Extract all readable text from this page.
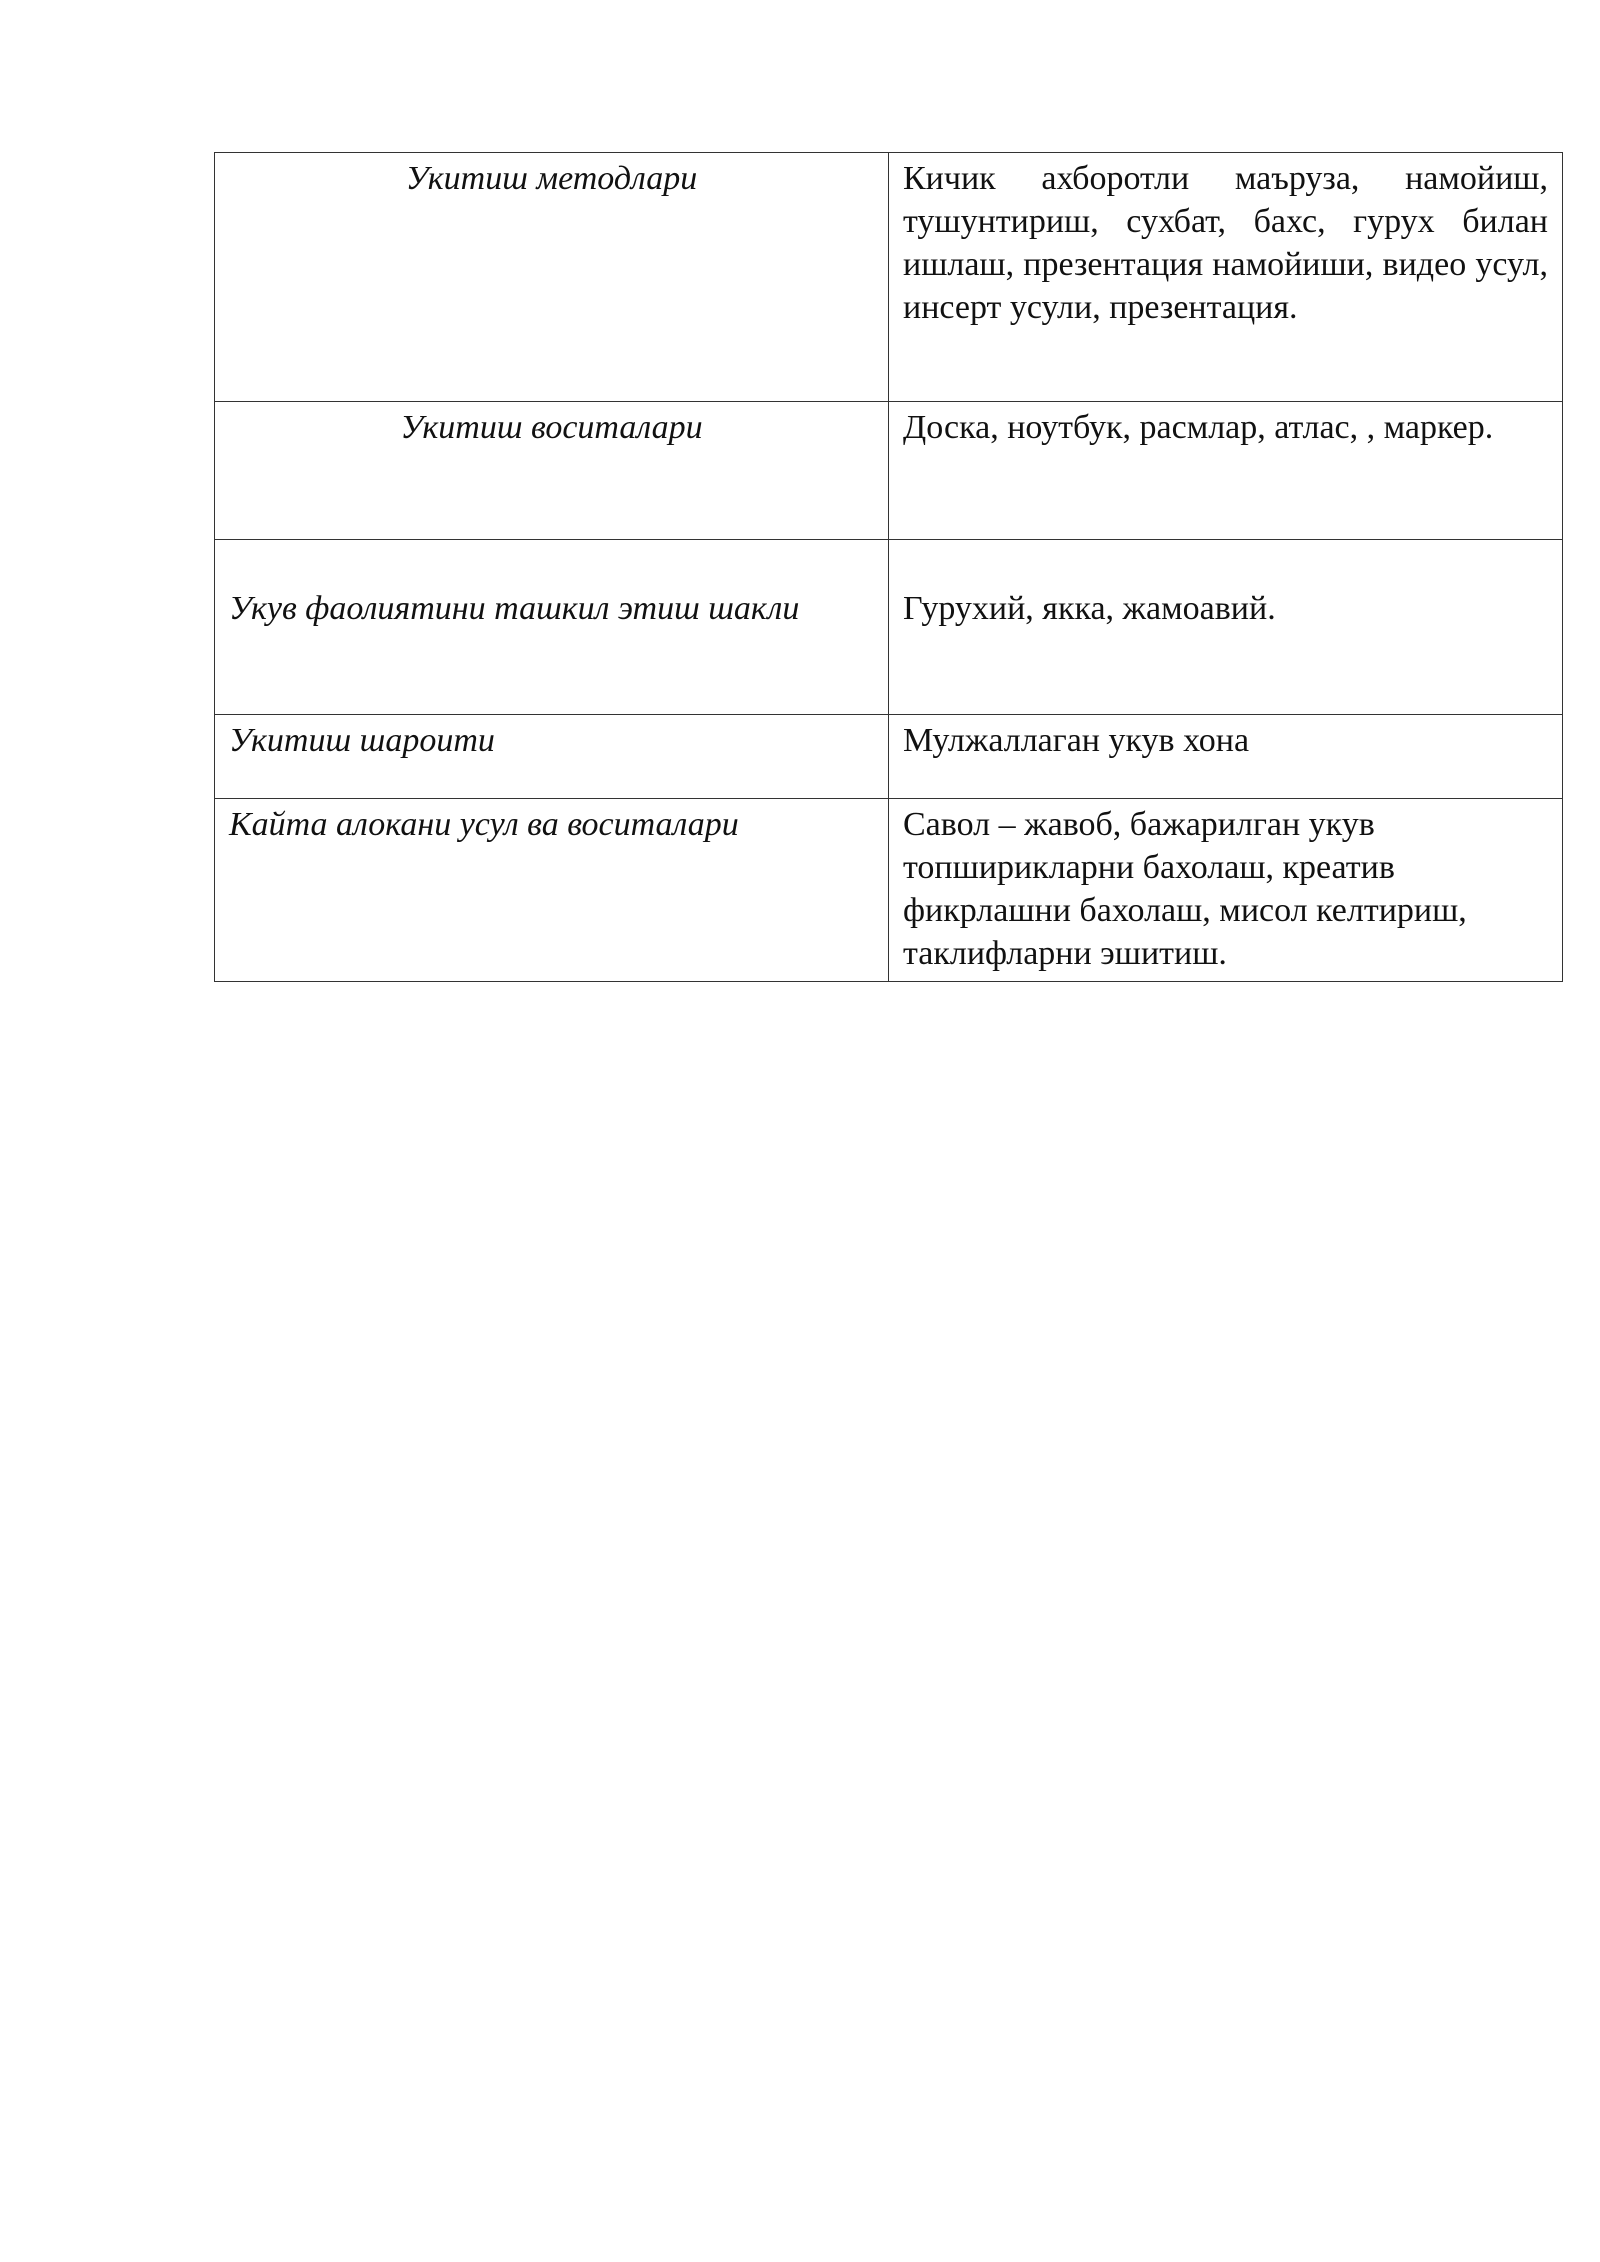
Укитиш методлари	Кичик ахборотли маъруза, намойиш, тушунтириш, сухбат, бахс, гурух билан ишлаш, презентация намойиши, видео усул, инсерт усули, презентация.
Укитиш воситалари	Доска, ноутбук, расмлар, атлас, , маркер.

Укув фаолиятини ташкил этиш шакли	Гурухий, якка, жамоавий.
Укитиш шароити	Мулжаллаган укув хона
Кайта алокани усул ва воситалари	Савол – жавоб, бажарилган укув топширикларни бахолаш, креатив фикрлашни бахолаш, мисол келтириш, таклифларни эшитиш.
